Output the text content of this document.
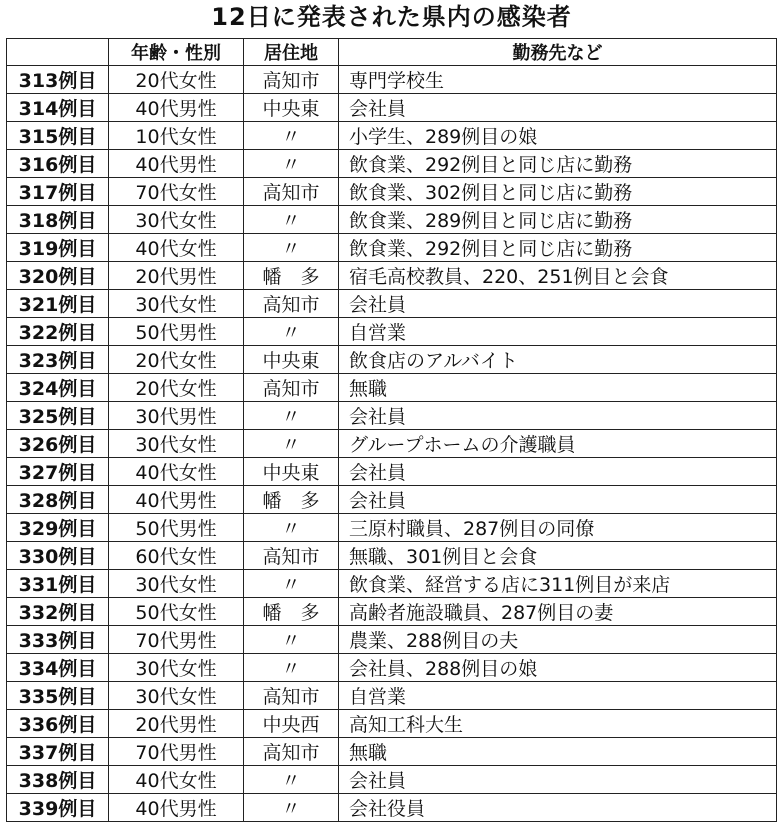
12日に発表された県内の感染者
	年齢・性別	居住地	勤務先など
313例目	20代女性	高知市	専門学校生
314例目	40代男性	中央東	会社員
315例目	10代女性	〃	小学生、289例目の娘
316例目	40代男性	〃	飲食業、292例目と同じ店に勤務
317例目	70代女性	高知市	飲食業、302例目と同じ店に勤務
318例目	30代女性	〃	飲食業、289例目と同じ店に勤務
319例目	40代女性	〃	飲食業、292例目と同じ店に勤務
320例目	20代男性	幡　多	宿毛高校教員、220、251例目と会食
321例目	30代女性	高知市	会社員
322例目	50代男性	〃	自営業
323例目	20代女性	中央東	飲食店のアルバイト
324例目	20代女性	高知市	無職
325例目	30代男性	〃	会社員
326例目	30代女性	〃	グループホームの介護職員
327例目	40代女性	中央東	会社員
328例目	40代男性	幡　多	会社員
329例目	50代男性	〃	三原村職員、287例目の同僚
330例目	60代女性	高知市	無職、301例目と会食
331例目	30代女性	〃	飲食業、経営する店に311例目が来店
332例目	50代女性	幡　多	高齢者施設職員、287例目の妻
333例目	70代男性	〃	農業、288例目の夫
334例目	30代女性	〃	会社員、288例目の娘
335例目	30代女性	高知市	自営業
336例目	20代男性	中央西	高知工科大生
337例目	70代男性	高知市	無職
338例目	40代女性	〃	会社員
339例目	40代男性	〃	会社役員
